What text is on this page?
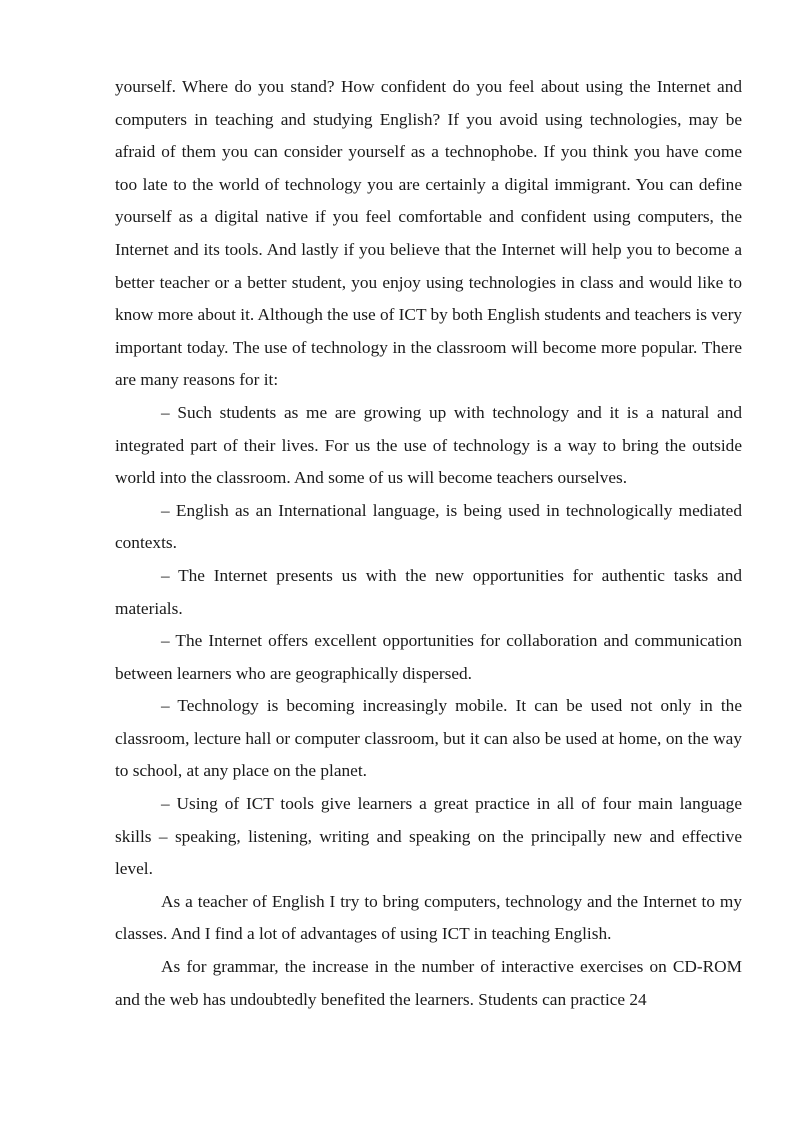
yourself. Where do you stand? How confident do you feel about using the Internet and computers in teaching and studying English? If you avoid using technologies, may be afraid of them you can consider yourself as a technophobe. If you think you have come too late to the world of technology you are certainly a digital immigrant. You can define yourself as a digital native if you feel comfortable and confident using computers, the Internet and its tools. And lastly if you believe that the Internet will help you to become a better teacher or a better student, you enjoy using technologies in class and would like to know more about it. Although the use of ICT by both English students and teachers is very important today. The use of technology in the classroom will become more popular. There are many reasons for it:

– Such students as me are growing up with technology and it is a natural and integrated part of their lives. For us the use of technology is a way to bring the outside world into the classroom. And some of us will become teachers ourselves.

– English as an International language, is being used in technologically mediated contexts.

– The Internet presents us with the new opportunities for authentic tasks and materials.

– The Internet offers excellent opportunities for collaboration and communication between learners who are geographically dispersed.

– Technology is becoming increasingly mobile. It can be used not only in the classroom, lecture hall or computer classroom, but it can also be used at home, on the way to school, at any place on the planet.

– Using of ICT tools give learners a great practice in all of four main language skills – speaking, listening, writing and speaking on the principally new and effective level.

As a teacher of English I try to bring computers, technology and the Internet to my classes. And I find a lot of advantages of using ICT in teaching English.

As for grammar, the increase in the number of interactive exercises on CD-ROM and the web has undoubtedly benefited the learners. Students can practice 24
